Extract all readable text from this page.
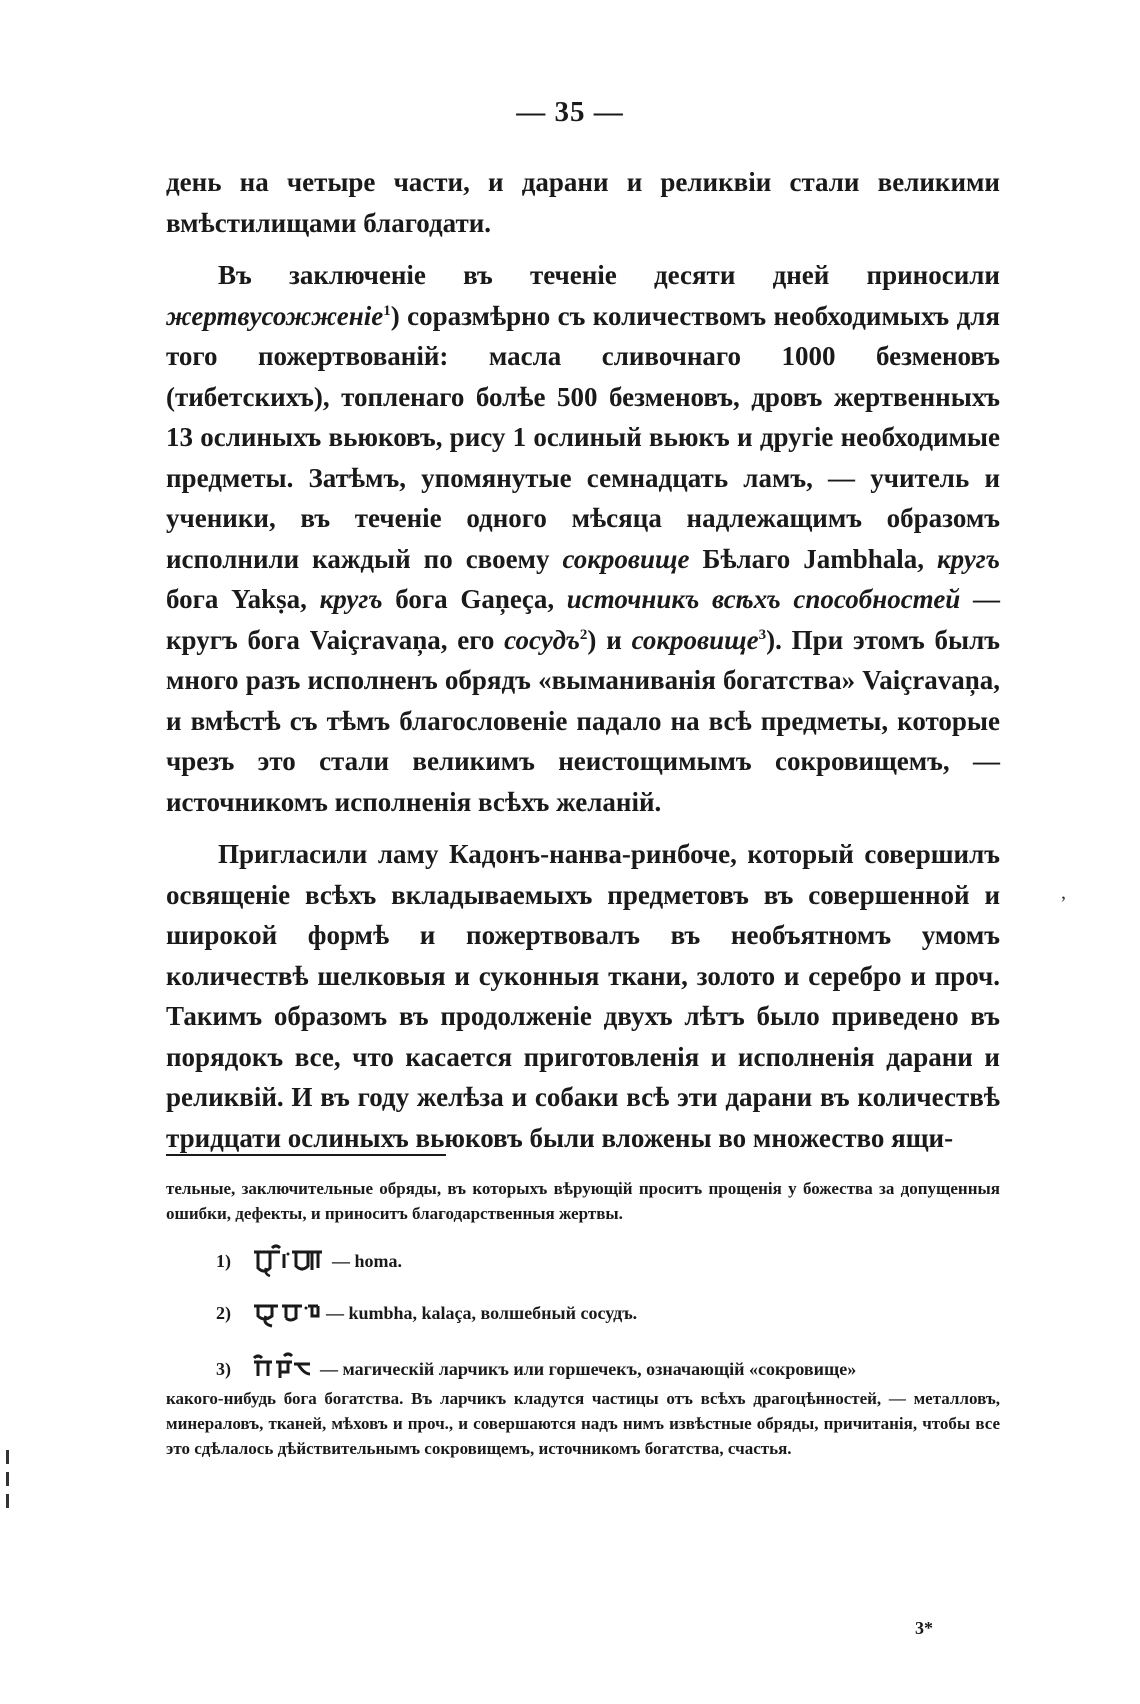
— 35 —

день на четыре части, и дарани и реликвіи стали великими вмѣстилищами благодати.

Въ заключеніе въ теченіе десяти дней приносили жертвусожженіе$^1$) соразмѣрно съ количествомъ необходимыхъ для того пожертвованій: масла сливочнаго 1000 безменовъ (тибетскихъ), топленаго болѣе 500 безменовъ, дровъ жертвенныхъ 13 ослиныхъ вьюковъ, рису 1 ослиный вьюкъ и другіе необходимые предметы. Затѣмъ, упомянутые семнадцать ламъ, — учитель и ученики, въ теченіе одного мѣсяца надлежащимъ образомъ исполнили каждый по своему сокровище Бѣлаго Jambhala, кругъ бога Yakṣa, кругъ бога Gaņeça, источникъ всѣхъ способностей — кругъ бога Vaiçravaņa, его сосудъ$^2$) и сокровище$^3$). При этомъ былъ много разъ исполненъ обрядъ «выманиванія богатства» Vaiçravaņa, и вмѣстѣ съ тѣмъ благословеніе падало на всѣ предметы, которые чрезъ это стали великимъ неистощимымъ сокровищемъ, — источникомъ исполненія всѣхъ желаній.

Пригласили ламу Кадонъ-нанва-ринбоче, который совершилъ освященіе всѣхъ вкладываемыхъ предметовъ въ совершенной и широкой формѣ и пожертвовалъ въ необъятномъ умомъ количествѣ шелковыя и суконныя ткани, золото и серебро и проч. Такимъ образомъ въ продолженіе двухъ лѣтъ было приведено въ порядокъ все, что касается приготовленія и исполненія дарани и реликвій. И въ году желѣза и собаки всѣ эти дарани въ количествѣ тридцати ослиныхъ вьюковъ были вложены во множество ящи-

тельные, заключительные обряды, въ которыхъ вѣрующій проситъ прощенія у божества за допущенныя ошибки, дефекты, и приноситъ благодарственныя жертвы.

1)	— homa.
2)	— kumbha, kalaça, волшебный сосудъ.
3)	— магическій ларчикъ или горшечекъ, означающій «сокровище»

какого-нибудь бога богатства. Въ ларчикъ кладутся частицы отъ всѣхъ драгоцѣнностей, — металловъ, минераловъ, тканей, мѣховъ и проч., и совершаются надъ нимъ извѣстные обряды, причитанія, чтобы все это сдѣлалось дѣйствительнымъ сокровищемъ, источникомъ богатства, счастья.

3*
ʼ
